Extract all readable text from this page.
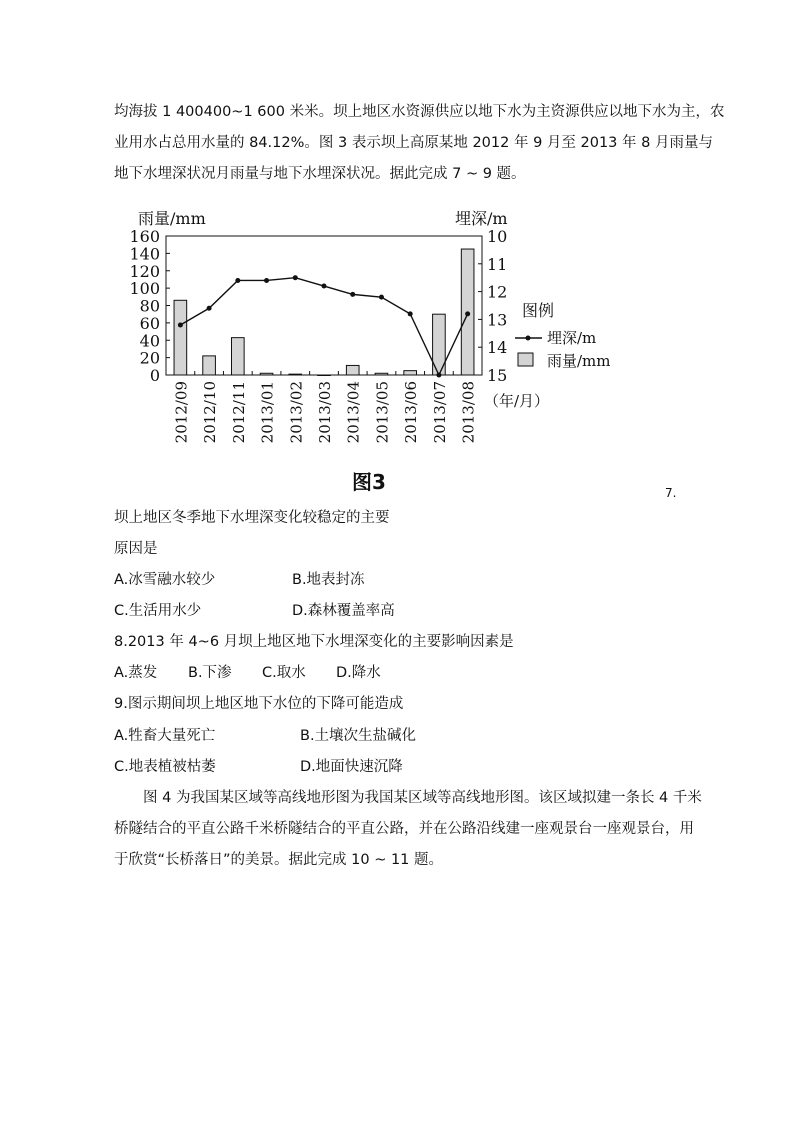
均海拔 1 400400~1 600 米米。坝上地区水资源供应以地下水为主资源供应以地下水为主，农
业用水占总用水量的 84.12%。图 3 表示坝上高原某地 2012 年 9 月至 2013 年 8 月雨量与
地下水埋深状况月雨量与地下水埋深状况。据此完成 7 ~ 9 题。
雨量/mm	埋深/m
160
140
120
100
80
60
40
20
0
10
11
12
13
14
15
2012/09 2012/10 2012/11 2013/01 2013/02 2013/03 2013/04 2013/05 2013/06 2013/07 2013/08
图例
埋深/m
雨量/mm
（年/月）
图3	7.
坝上地区冬季地下水埋深变化较稳定的主要
原因是
A.冰雪融水较少	B.地表封冻
C.生活用水少	D.森林覆盖率高
8.2013 年 4~6 月坝上地区地下水埋深变化的主要影响因素是
A.蒸发 B.下渗 C.取水 D.降水
9.图示期间坝上地区地下水位的下降可能造成
A.牲畜大量死亡	B.土壤次生盐碱化
C.地表植被枯萎	D.地面快速沉降
图 4 为我国某区域等高线地形图为我国某区域等高线地形图。该区域拟建一条长 4 千米
桥隧结合的平直公路千米桥隧结合的平直公路，并在公路沿线建一座观景台一座观景台，用
于欣赏“长桥落日”的美景。据此完成 10 ~ 11 题。
